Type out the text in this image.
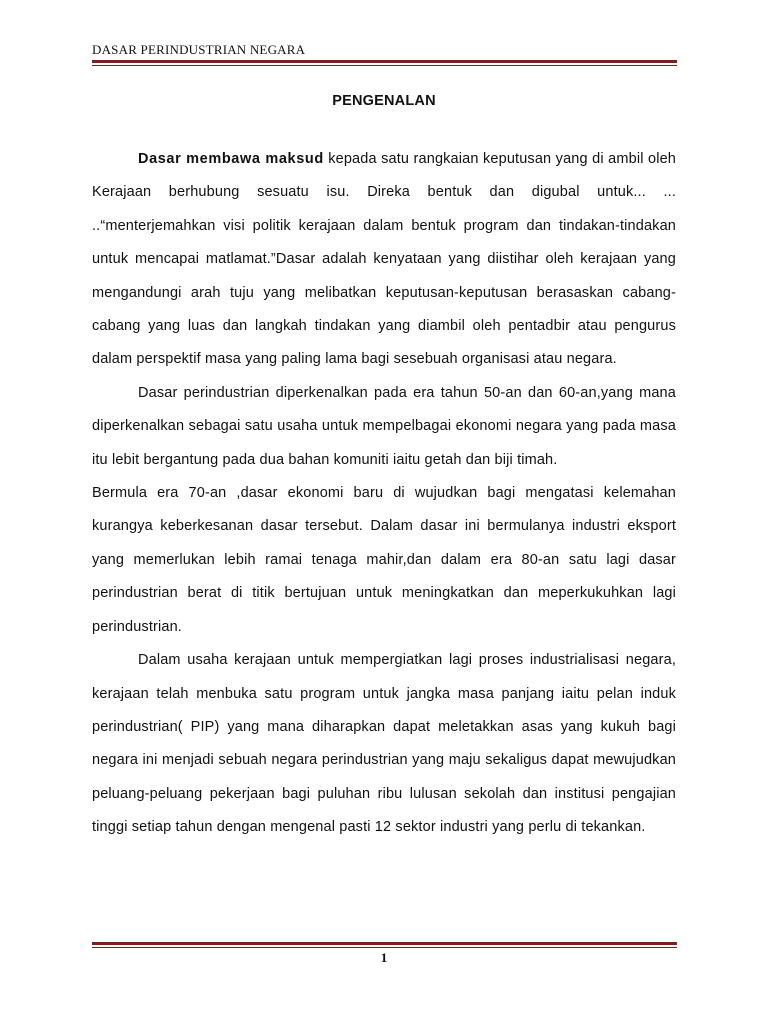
DASAR PERINDUSTRIAN NEGARA
PENGENALAN

Dasar membawa maksud kepada satu rangkaian keputusan yang di ambil oleh Kerajaan berhubung sesuatu isu. Direka bentuk dan digubal untuk... ... ..“menterjemahkan visi politik kerajaan dalam bentuk program dan tindakan-tindakan untuk mencapai matlamat.”Dasar adalah kenyataan yang diistihar oleh kerajaan yang mengandungi arah tuju yang melibatkan keputusan-keputusan berasaskan cabang-cabang yang luas dan langkah tindakan yang diambil oleh pentadbir atau pengurus dalam perspektif masa yang paling lama bagi sesebuah organisasi atau negara.

Dasar perindustrian diperkenalkan pada era tahun 50-an dan 60-an,yang mana diperkenalkan sebagai satu usaha untuk mempelbagai ekonomi negara yang pada masa itu lebit bergantung pada dua bahan komuniti iaitu getah dan biji timah.

Bermula era 70-an ,dasar ekonomi baru di wujudkan bagi mengatasi kelemahan kurangya keberkesanan dasar tersebut. Dalam dasar ini bermulanya industri eksport yang memerlukan lebih ramai tenaga mahir,dan dalam era 80-an satu lagi dasar perindustrian berat di titik bertujuan untuk meningkatkan dan meperkukuhkan lagi perindustrian.

Dalam usaha kerajaan untuk mempergiatkan lagi proses industrialisasi negara, kerajaan telah menbuka satu program untuk jangka masa panjang iaitu pelan induk perindustrian( PIP) yang mana diharapkan dapat meletakkan asas yang kukuh bagi negara ini menjadi sebuah negara perindustrian yang maju sekaligus dapat mewujudkan peluang-peluang pekerjaan bagi puluhan ribu lulusan sekolah dan institusi pengajian tinggi setiap tahun dengan mengenal pasti 12 sektor industri yang perlu di tekankan.

1
